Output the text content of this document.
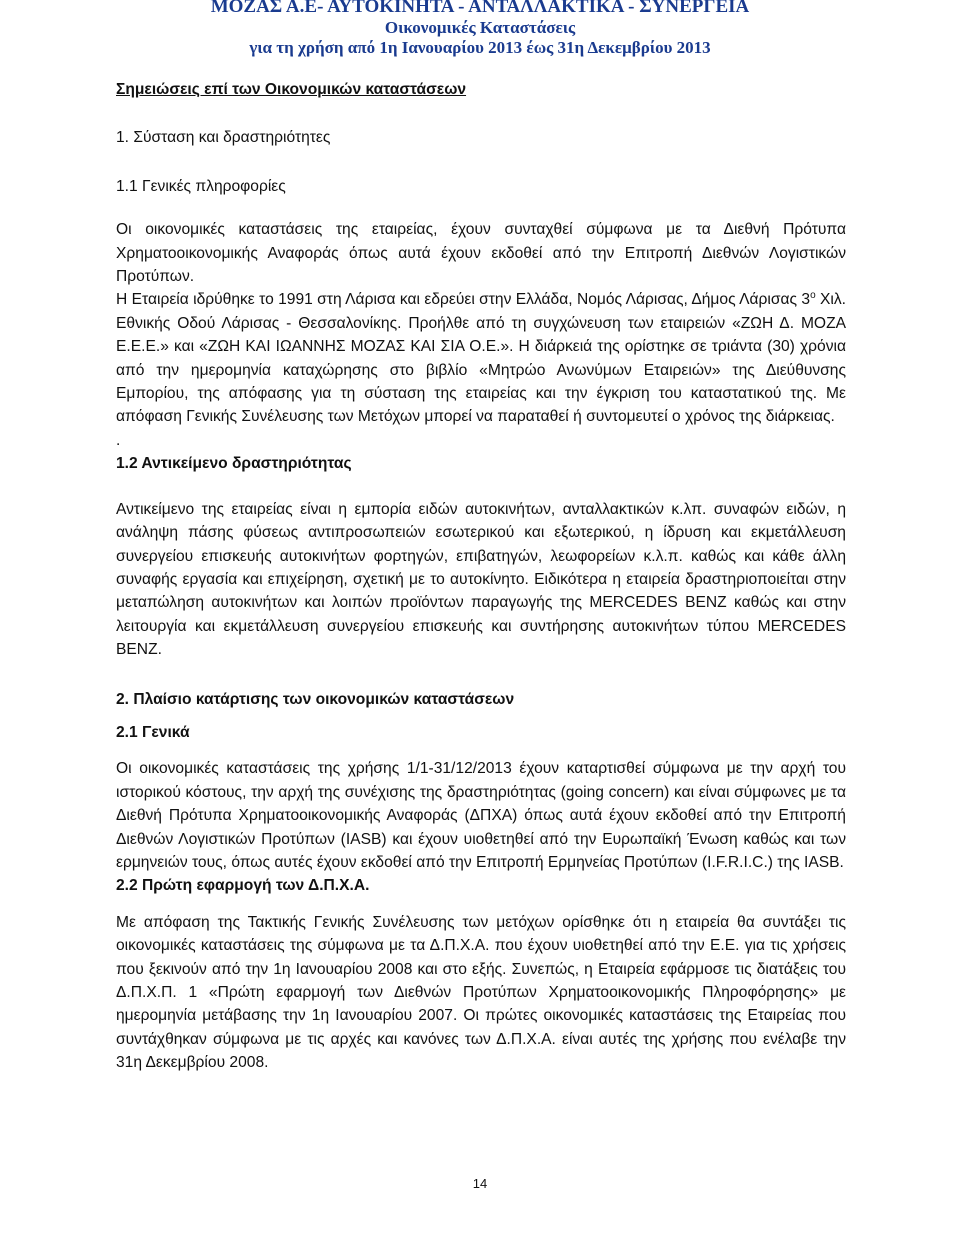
ΜΟΖΑΣ Α.Ε- ΑΥΤΟΚΙΝΗΤΑ - ΑΝΤΑΛΛΑΚΤΙΚΑ - ΣΥΝΕΡΓΕΙΑ
Οικονομικές Καταστάσεις
για τη χρήση από 1η Ιανουαρίου 2013 έως 31η Δεκεμβρίου 2013

Σημειώσεις επί των Οικονομικών καταστάσεων

1. Σύσταση και δραστηριότητες

1.1 Γενικές πληροφορίες

Οι οικονομικές καταστάσεις της εταιρείας, έχουν συνταχθεί σύμφωνα με τα Διεθνή Πρότυπα Χρηματοοικονομικής Αναφοράς όπως αυτά έχουν εκδοθεί από την Επιτροπή Διεθνών Λογιστικών Προτύπων.

Η Εταιρεία ιδρύθηκε το 1991 στη Λάρισα και εδρεύει στην Ελλάδα, Νομός Λάρισας, Δήμος Λάρισας $3^o$ Χιλ. Εθνικής Οδού Λάρισας - Θεσσαλονίκης. Προήλθε από τη συγχώνευση των εταιρειών «ΖΩΗ Δ. ΜΟΖΑ Ε.Ε.Ε.» και «ΖΩΗ ΚΑΙ ΙΩΑΝΝΗΣ ΜΟΖΑΣ ΚΑΙ ΣΙΑ Ο.Ε.». Η διάρκειά της ορίστηκε σε τριάντα (30) χρόνια από την ημερομηνία καταχώρησης στο βιβλίο «Μητρώο Ανωνύμων Εταιρειών» της Διεύθυνσης Εμπορίου, της απόφασης για τη σύσταση της εταιρείας και την έγκριση του καταστατικού της. Με απόφαση Γενικής Συνέλευσης των Μετόχων μπορεί να παραταθεί ή συντομευτεί ο χρόνος της διάρκειας.

.

1.2 Αντικείμενο δραστηριότητας

Αντικείμενο της εταιρείας είναι η εμπορία ειδών αυτοκινήτων, ανταλλακτικών κ.λπ. συναφών ειδών, η ανάληψη πάσης φύσεως αντιπροσωπειών εσωτερικού και εξωτερικού, η ίδρυση και εκμετάλλευση συνεργείου επισκευής αυτοκινήτων φορτηγών, επιβατηγών, λεωφορείων κ.λ.π. καθώς και κάθε άλλη συναφής εργασία και επιχείρηση, σχετική με το αυτοκίνητο. Ειδικότερα η εταιρεία δραστηριοποιείται στην μεταπώληση αυτοκινήτων και λοιπών προϊόντων παραγωγής της MERCEDES BENZ καθώς και στην λειτουργία και εκμετάλλευση συνεργείου επισκευής και συντήρησης αυτοκινήτων τύπου MERCEDES BENZ.

2. Πλαίσιο κατάρτισης των οικονομικών καταστάσεων

2.1 Γενικά

Οι οικονομικές καταστάσεις της χρήσης 1/1-31/12/2013 έχουν καταρτισθεί σύμφωνα με την αρχή του ιστορικού κόστους, την αρχή της συνέχισης της δραστηριότητας (going concern) και είναι σύμφωνες με τα Διεθνή Πρότυπα Χρηματοοικονομικής Αναφοράς (ΔΠΧΑ) όπως αυτά έχουν εκδοθεί από την Επιτροπή Διεθνών Λογιστικών Προτύπων (IASB) και έχουν υιοθετηθεί από την Ευρωπαϊκή Ένωση καθώς και των ερμηνειών τους, όπως αυτές έχουν εκδοθεί από την Επιτροπή Ερμηνείας Προτύπων (I.F.R.I.C.) της IASB.

2.2 Πρώτη εφαρμογή των Δ.Π.Χ.Α.

Με απόφαση της Τακτικής Γενικής Συνέλευσης των μετόχων ορίσθηκε ότι η εταιρεία θα συντάξει τις οικονομικές καταστάσεις της σύμφωνα με τα Δ.Π.Χ.Α. που έχουν υιοθετηθεί από την Ε.Ε. για τις χρήσεις που ξεκινούν από την 1η Ιανουαρίου 2008 και στο εξής. Συνεπώς, η Εταιρεία εφάρμοσε τις διατάξεις του Δ.Π.Χ.Π. 1 «Πρώτη εφαρμογή των Διεθνών Προτύπων Χρηματοοικονομικής Πληροφόρησης» με ημερομηνία μετάβασης την 1η Ιανουαρίου 2007. Οι πρώτες οικονομικές καταστάσεις της Εταιρείας που συντάχθηκαν σύμφωνα με τις αρχές και κανόνες των Δ.Π.Χ.Α. είναι αυτές της χρήσης που ενέλαβε την 31η Δεκεμβρίου 2008.

14
